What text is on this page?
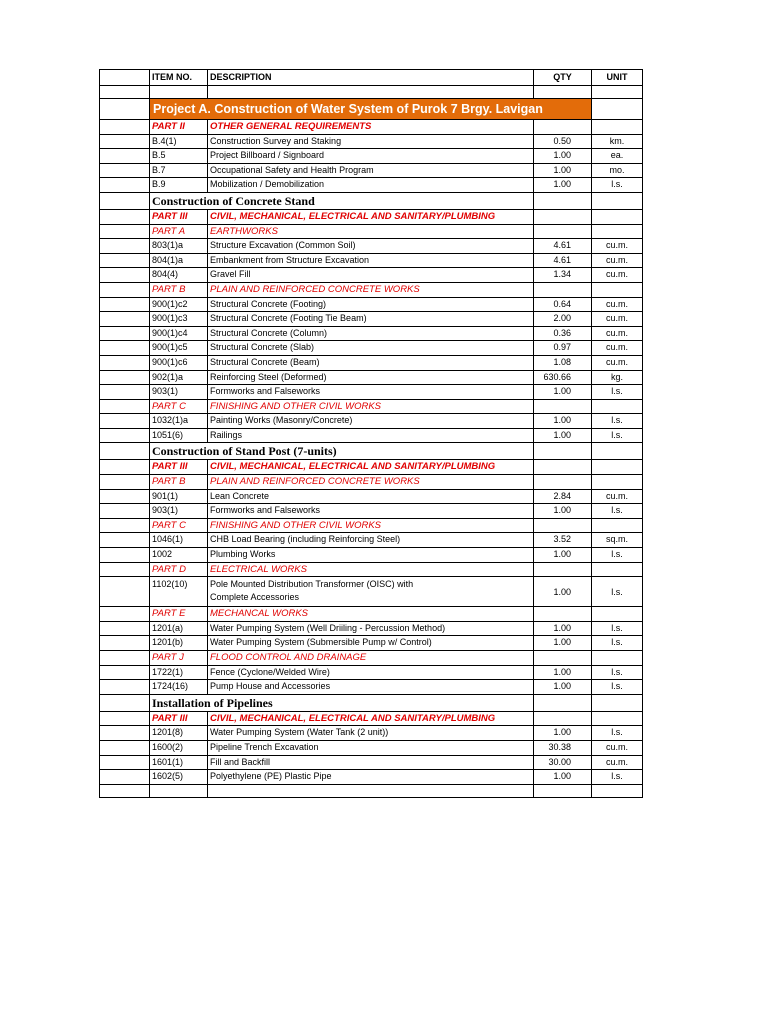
	ITEM NO.	DESCRIPTION	QTY	UNIT

	Project A. Construction of Water System of Purok 7 Brgy. Lavigan			
	PART II	OTHER GENERAL REQUIREMENTS		
	B.4(1)	Construction Survey and Staking	0.50	km.
	B.5	Project Billboard / Signboard	1.00	ea.
	B.7	Occupational Safety and Health Program	1.00	mo.
	B.9	Mobilization / Demobilization	1.00	l.s.
	Construction of Concrete Stand			
	PART III	CIVIL, MECHANICAL, ELECTRICAL AND SANITARY/PLUMBING		
	PART A	EARTHWORKS		
	803(1)a	Structure Excavation (Common Soil)	4.61	cu.m.
	804(1)a	Embankment from Structure Excavation	4.61	cu.m.
	804(4)	Gravel Fill	1.34	cu.m.
	PART B	PLAIN AND REINFORCED CONCRETE WORKS		
	900(1)c2	Structural Concrete (Footing)	0.64	cu.m.
	900(1)c3	Structural Concrete (Footing Tie Beam)	2.00	cu.m.
	900(1)c4	Structural Concrete (Column)	0.36	cu.m.
	900(1)c5	Structural Concrete (Slab)	0.97	cu.m.
	900(1)c6	Structural Concrete (Beam)	1.08	cu.m.
	902(1)a	Reinforcing Steel (Deformed)	630.66	kg.
	903(1)	Formworks and Falseworks	1.00	l.s.
	PART C	FINISHING AND OTHER CIVIL WORKS		
	1032(1)a	Painting Works (Masonry/Concrete)	1.00	l.s.
	1051(6)	Railings	1.00	l.s.
	Construction of Stand Post (7-units)			
	PART III	CIVIL, MECHANICAL, ELECTRICAL AND SANITARY/PLUMBING		
	PART B	PLAIN AND REINFORCED CONCRETE WORKS		
	901(1)	Lean Concrete	2.84	cu.m.
	903(1)	Formworks and Falseworks	1.00	l.s.
	PART C	FINISHING AND OTHER CIVIL WORKS		
	1046(1)	CHB Load Bearing (including Reinforcing Steel)	3.52	sq.m.
	1002	Plumbing Works	1.00	l.s.
	PART D	ELECTRICAL WORKS		
	1102(10)	Pole Mounted Distribution Transformer (OISC) with
Complete Accessories	1.00	l.s.
	PART E	MECHANCAL WORKS		
	1201(a)	Water Pumping System (Well Driiling - Percussion Method)	1.00	l.s.
	1201(b)	Water Pumping System (Submersible Pump w/ Control)	1.00	l.s.
	PART J	FLOOD CONTROL AND DRAINAGE		
	1722(1)	Fence (Cyclone/Welded Wire)	1.00	l.s.
	1724(16)	Pump House and Accessories	1.00	l.s.
	Installation of Pipelines			
	PART III	CIVIL, MECHANICAL, ELECTRICAL AND SANITARY/PLUMBING		
	1201(8)	Water Pumping System (Water Tank (2 unit))	1.00	l.s.
	1600(2)	Pipeline Trench Excavation	30.38	cu.m.
	1601(1)	Fill and Backfill	30.00	cu.m.
	1602(5)	Polyethylene (PE) Plastic Pipe	1.00	l.s.
